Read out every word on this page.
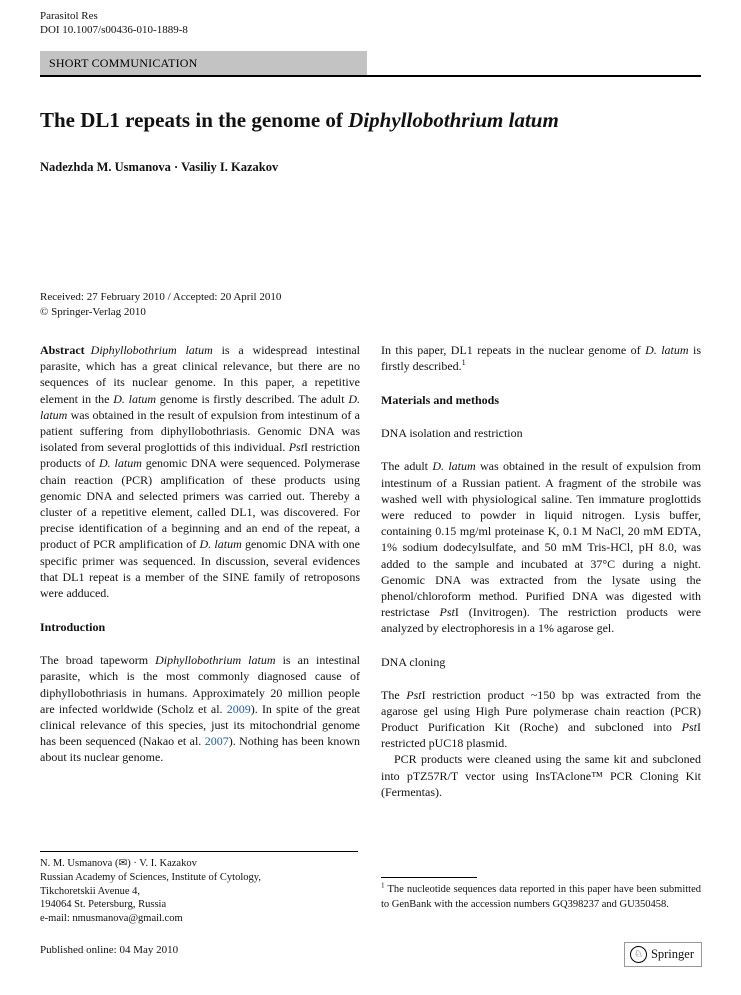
Parasitol Res
DOI 10.1007/s00436-010-1889-8
SHORT COMMUNICATION
The DL1 repeats in the genome of Diphyllobothrium latum
Nadezhda M. Usmanova · Vasiliy I. Kazakov
Received: 27 February 2010 / Accepted: 20 April 2010
© Springer-Verlag 2010

Abstract  Diphyllobothrium latum is a widespread intestinal parasite, which has a great clinical relevance, but there are no sequences of its nuclear genome. In this paper, a repetitive element in the D. latum genome is firstly described. The adult D. latum was obtained in the result of expulsion from intestinum of a patient suffering from diphyllobothriasis. Genomic DNA was isolated from several proglottids of this individual. PstI restriction products of D. latum genomic DNA were sequenced. Polymerase chain reaction (PCR) amplification of these products using genomic DNA and selected primers was carried out. Thereby a cluster of a repetitive element, called DL1, was discovered. For precise identification of a beginning and an end of the repeat, a product of PCR amplification of D. latum genomic DNA with one specific primer was sequenced. In discussion, several evidences that DL1 repeat is a member of the SINE family of retroposons were adduced.

Introduction

The broad tapeworm Diphyllobothrium latum is an intestinal parasite, which is the most commonly diagnosed cause of diphyllobothriasis in humans. Approximately 20 million people are infected worldwide (Scholz et al. 2009). In spite of the great clinical relevance of this species, just its mitochondrial genome has been sequenced (Nakao et al. 2007). Nothing has been known about its nuclear genome.

In this paper, DL1 repeats in the nuclear genome of D. latum is firstly described.$^1$

Materials and methods
DNA isolation and restriction

The adult D. latum was obtained in the result of expulsion from intestinum of a Russian patient. A fragment of the strobile was washed well with physiological saline. Ten immature proglottids were reduced to powder in liquid nitrogen. Lysis buffer, containing 0.15 mg/ml proteinase K, 0.1 M NaCl, 20 mM EDTA, 1% sodium dodecylsulfate, and 50 mM Tris-HCl, pH 8.0, was added to the sample and incubated at 37°C during a night. Genomic DNA was extracted from the lysate using the phenol/chloroform method. Purified DNA was digested with restrictase PstI (Invitrogen). The restriction products were analyzed by electrophoresis in a 1% agarose gel.

DNA cloning

The PstI restriction product ~150 bp was extracted from the agarose gel using High Pure polymerase chain reaction (PCR) Product Purification Kit (Roche) and subcloned into PstI restricted pUC18 plasmid.

PCR products were cleaned using the same kit and subcloned into pTZ57R/T vector using InsTAclone™ PCR Cloning Kit (Fermentas).

N. M. Usmanova (✉) · V. I. Kazakov
Russian Academy of Sciences, Institute of Cytology,
Tikchoretskii Avenue 4,
194064 St. Petersburg, Russia
e-mail: nmusmanova@gmail.com
Published online: 04 May 2010

$^1$ The nucleotide sequences data reported in this paper have been submitted to GenBank with the accession numbers GQ398237 and GU350458.

♘ Springer
